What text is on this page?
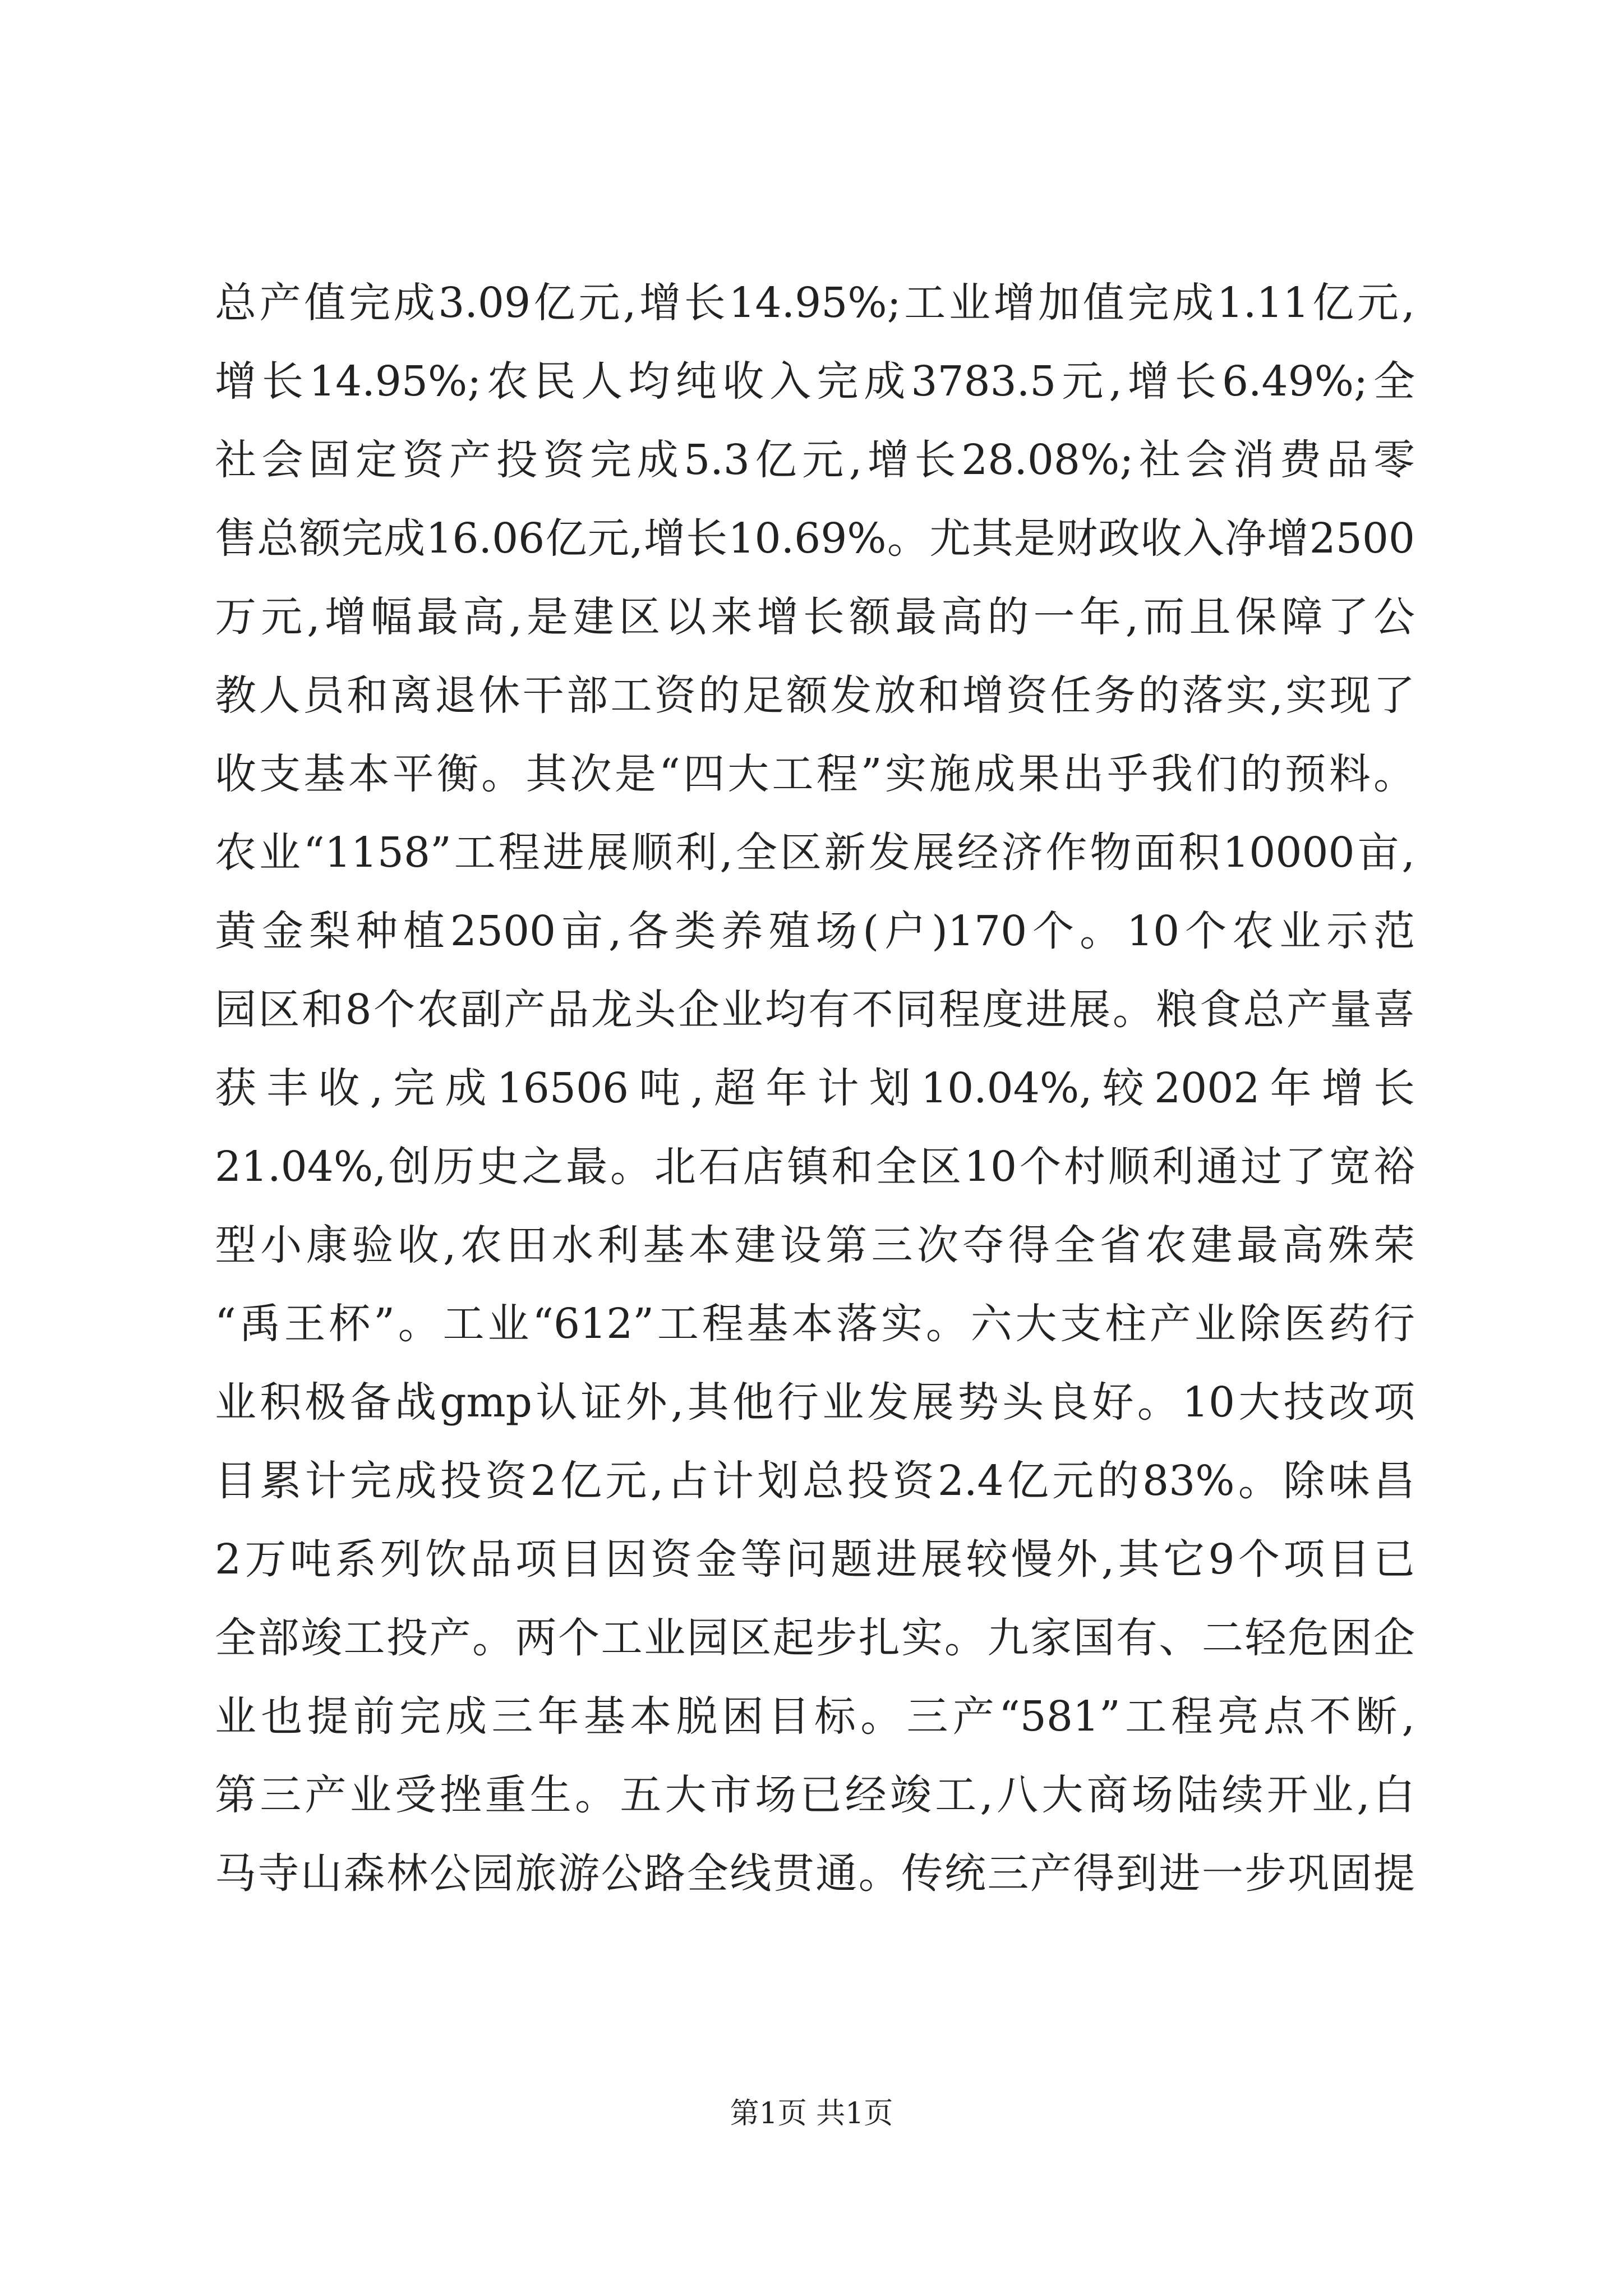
总产值完成3.09亿元,增长14.95%;工业增加值完成1.11亿元,
增长14.95%;农民人均纯收入完成3783.5元,增长6.49%;全
社会固定资产投资完成5.3亿元,增长28.08%;社会消费品零
售总额完成16.06亿元,增长10.69%。尤其是财政收入净增2500
万元,增幅最高,是建区以来增长额最高的一年,而且保障了公
教人员和离退休干部工资的足额发放和增资任务的落实,实现了
收支基本平衡。其次是“四大工程”实施成果出乎我们的预料。
农业“1158”工程进展顺利,全区新发展经济作物面积10000亩,
黄金梨种植2500亩,各类养殖场(户)170个。10个农业示范
园区和8个农副产品龙头企业均有不同程度进展。粮食总产量喜
获丰收,完成16506吨,超年计划10.04%,较2002年增长
21.04%,创历史之最。北石店镇和全区10个村顺利通过了宽裕
型小康验收,农田水利基本建设第三次夺得全省农建最高殊荣
“禹王杯”。工业“612”工程基本落实。六大支柱产业除医药行
业积极备战gmp认证外,其他行业发展势头良好。10大技改项
目累计完成投资2亿元,占计划总投资2.4亿元的83%。除味昌
2万吨系列饮品项目因资金等问题进展较慢外,其它9个项目已
全部竣工投产。两个工业园区起步扎实。九家国有、二轻危困企
业也提前完成三年基本脱困目标。三产“581”工程亮点不断,
第三产业受挫重生。五大市场已经竣工,八大商场陆续开业,白
马寺山森林公园旅游公路全线贯通。传统三产得到进一步巩固提
第1页 共1页
